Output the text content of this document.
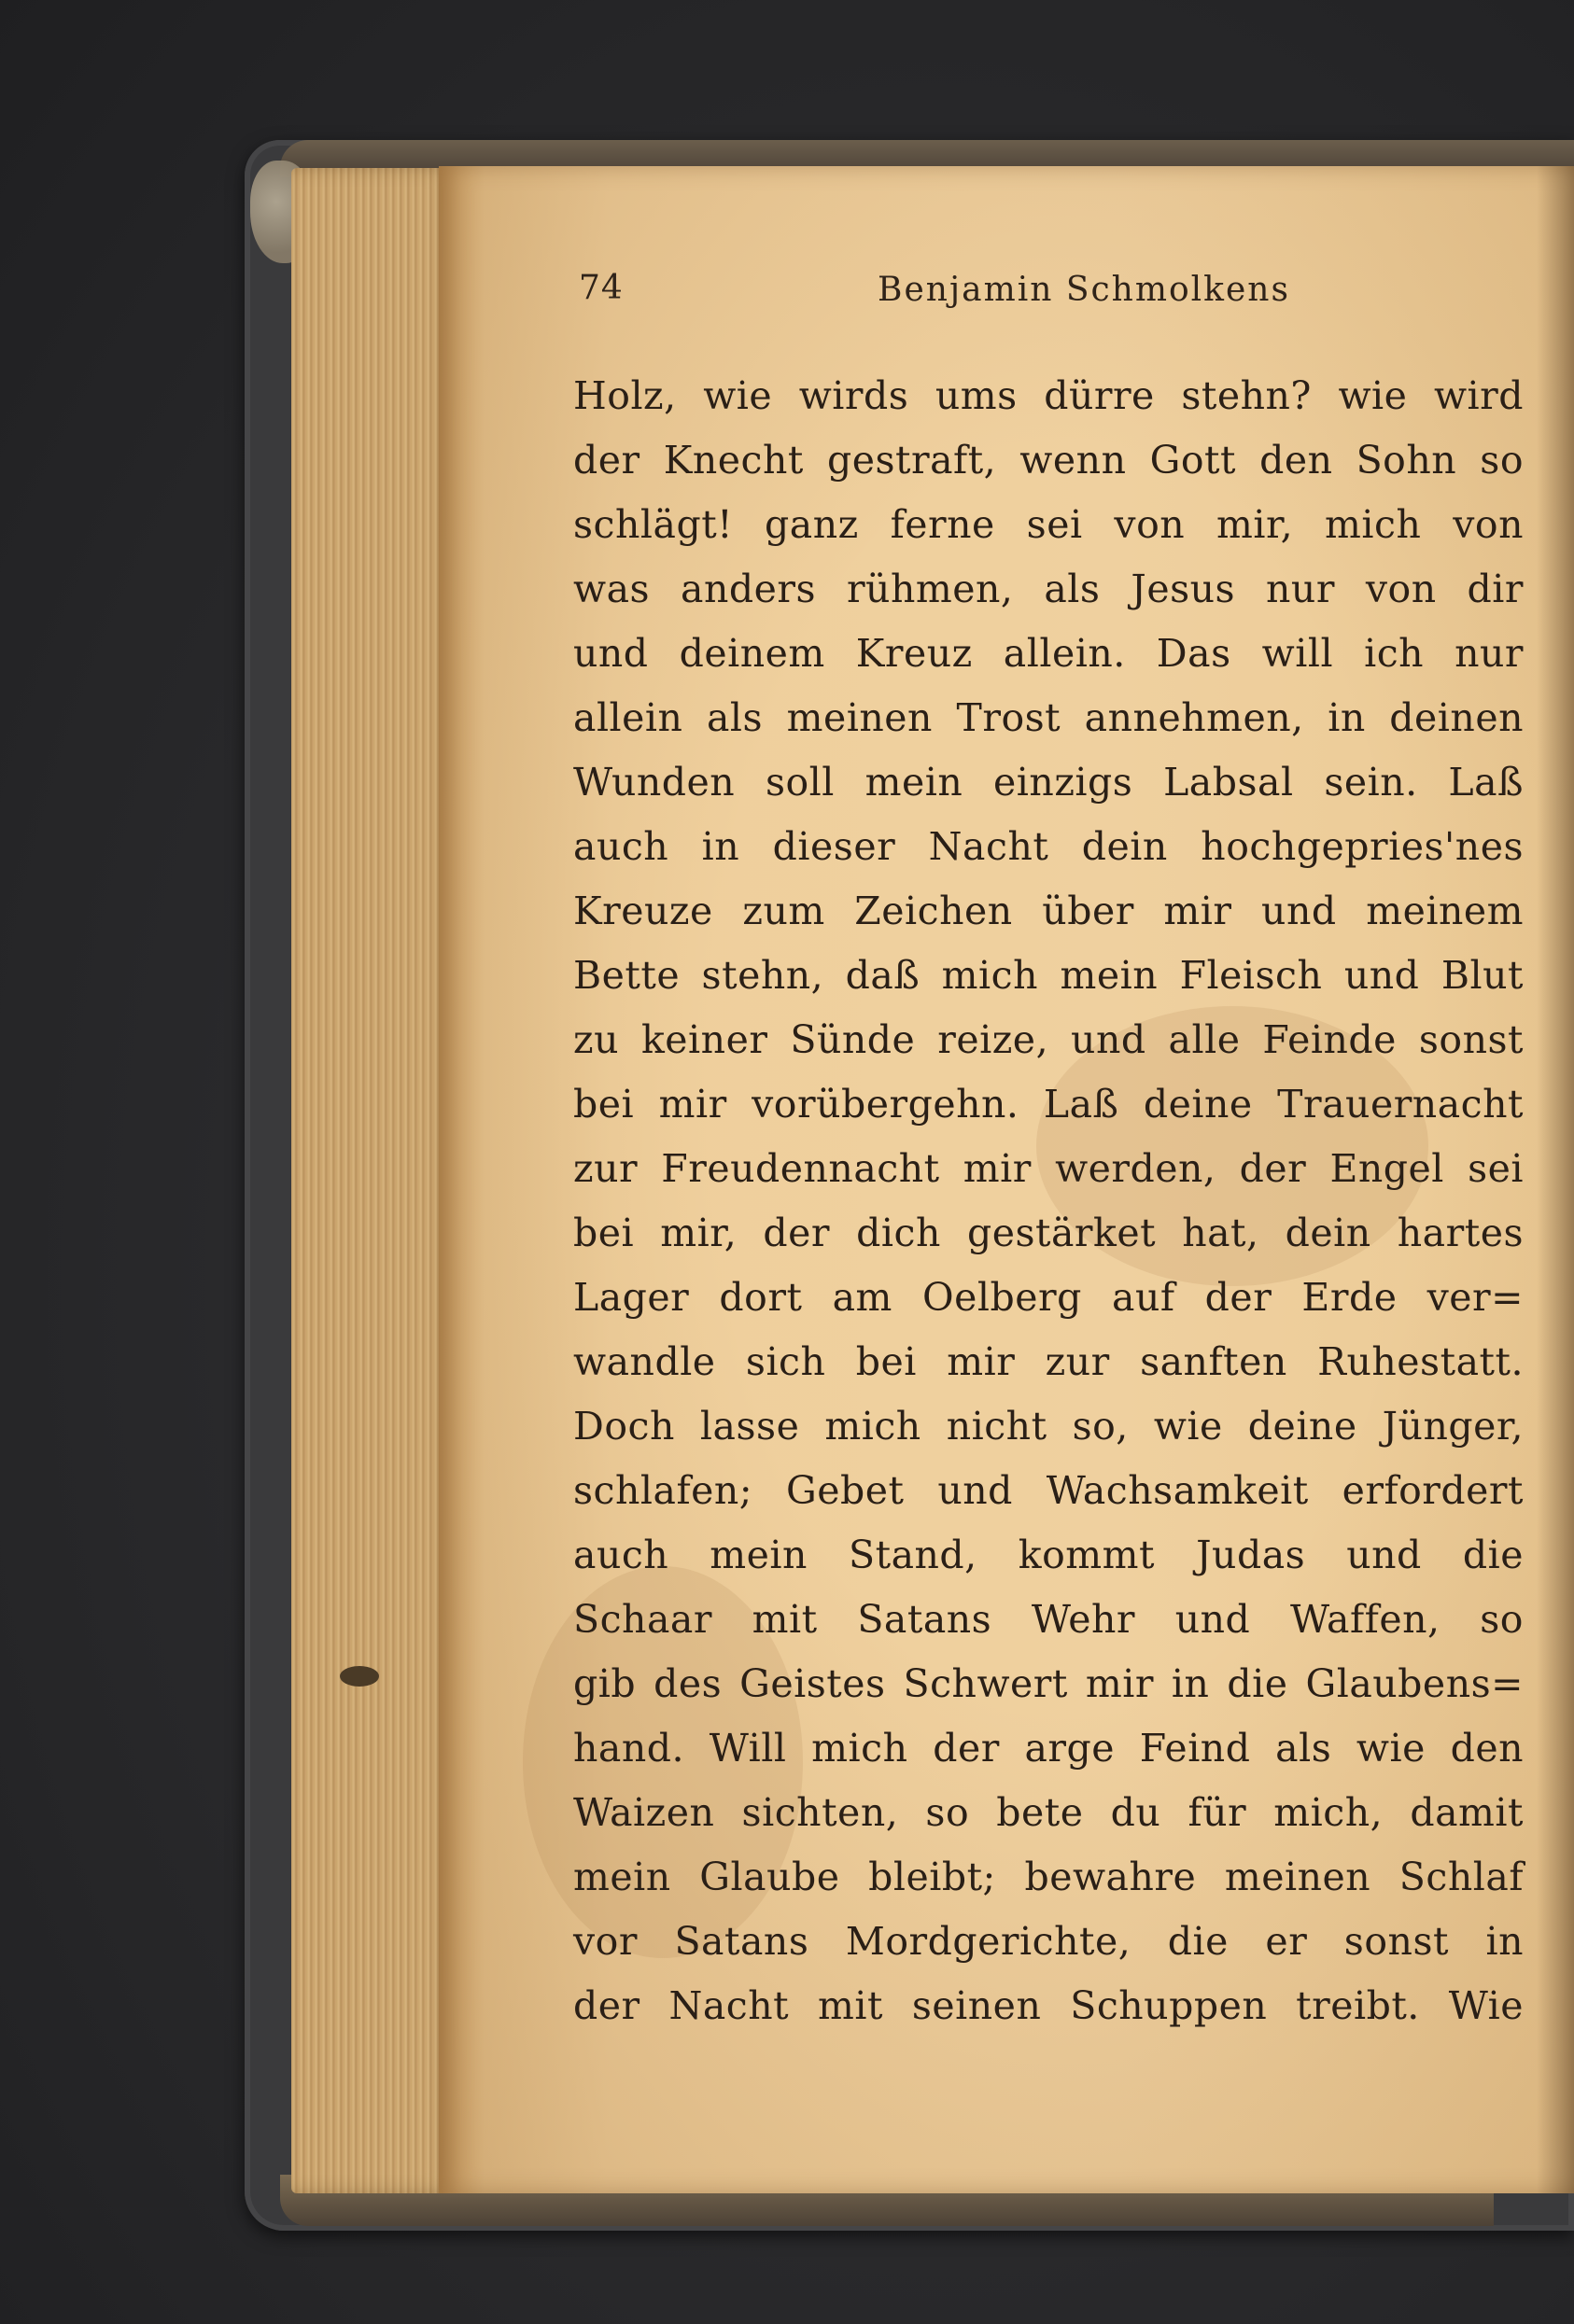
74	Benjamin Schmolkens
Holz, wie wirds ums dürre stehn? wie wird
der Knecht gestraft, wenn Gott den Sohn so
schlägt! ganz ferne sei von mir, mich von
was anders rühmen, als Jesus nur von dir
und deinem Kreuz allein. Das will ich nur
allein als meinen Trost annehmen, in deinen
Wunden soll mein einzigs Labsal sein. Laß
auch in dieser Nacht dein hochgepries'nes
Kreuze zum Zeichen über mir und meinem
Bette stehn, daß mich mein Fleisch und Blut
zu keiner Sünde reize, und alle Feinde sonst
bei mir vorübergehn. Laß deine Trauernacht
zur Freudennacht mir werden, der Engel sei
bei mir, der dich gestärket hat, dein hartes
Lager dort am Oelberg auf der Erde ver=
wandle sich bei mir zur sanften Ruhestatt.
Doch lasse mich nicht so, wie deine Jünger,
schlafen; Gebet und Wachsamkeit erfordert
auch mein Stand, kommt Judas und die
Schaar mit Satans Wehr und Waffen, so
gib des Geistes Schwert mir in die Glaubens=
hand. Will mich der arge Feind als wie den
Waizen sichten, so bete du für mich, damit
mein Glaube bleibt; bewahre meinen Schlaf
vor Satans Mordgerichte, die er sonst in
der Nacht mit seinen Schuppen treibt. Wie
